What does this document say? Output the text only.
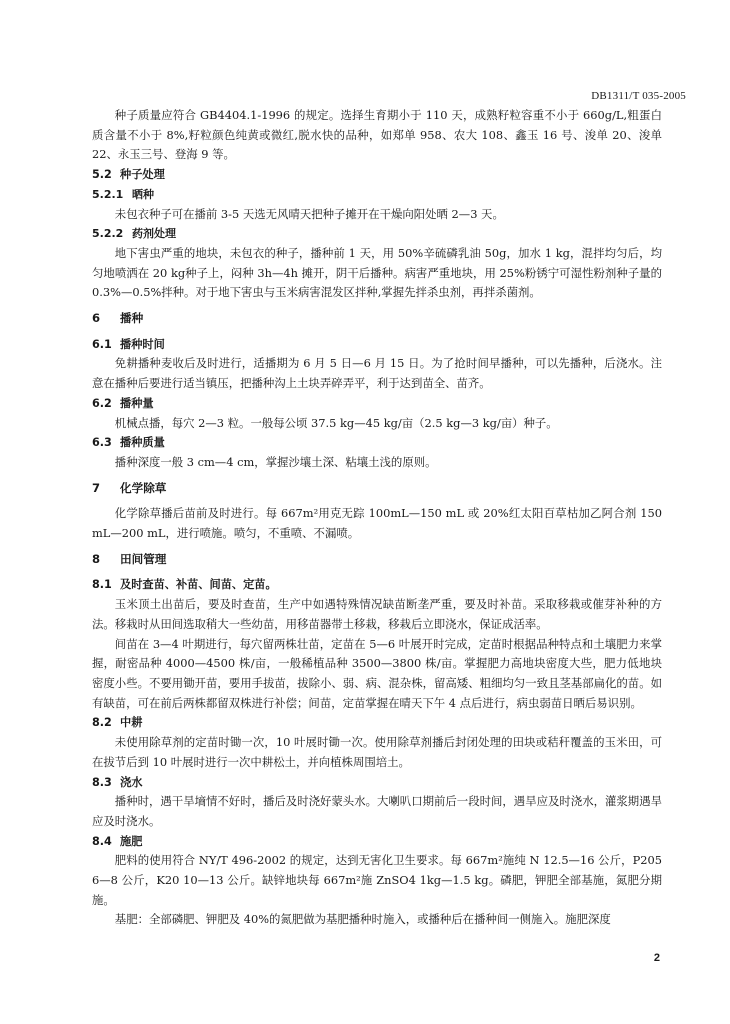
DB1311/T 035-2005

种子质量应符合 GB4404.1-1996 的规定。选择生育期小于 110 天，成熟籽粒容重不小于 660g/L,粗蛋白质含量不小于 8%,籽粒颜色纯黄或微红,脱水快的品种，如郑单 958、农大 108、鑫玉 16 号、浚单 20、浚单 22、永玉三号、登海 9 等。

5.2 种子处理
5.2.1 晒种

未包衣种子可在播前 3-5 天选无风晴天把种子摊开在干燥向阳处晒 2—3 天。

5.2.2 药剂处理

地下害虫严重的地块，未包衣的种子，播种前 1 天，用 50%辛硫磷乳油 50g，加水 1 kg，混拌均匀后，均匀地喷洒在 20 kg种子上，闷种 3h—4h 摊开，阴干后播种。病害严重地块，用 25%粉锈宁可湿性粉剂种子量的 0.3%—0.5%拌种。对于地下害虫与玉米病害混发区拌种,掌握先拌杀虫剂，再拌杀菌剂。

6 播种
6.1 播种时间

免耕播种麦收后及时进行，适播期为 6 月 5 日—6 月 15 日。为了抢时间早播种，可以先播种，后浇水。注意在播种后要进行适当镇压，把播种沟上土块弄碎弄平，利于达到苗全、苗齐。

6.2 播种量

机械点播，每穴 2—3 粒。一般每公顷 37.5 kg—45 kg/亩（2.5 kg—3 kg/亩）种子。

6.3 播种质量

播种深度一般 3 cm—4 cm，掌握沙壤土深、粘壤土浅的原则。

7 化学除草

化学除草播后苗前及时进行。每 667m²用克无踪 100mL—150 mL 或 20%红太阳百草枯加乙阿合剂 150 mL—200 mL，进行喷施。喷匀，不重喷、不漏喷。

8 田间管理
8.1 及时查苗、补苗、间苗、定苗。

玉米顶土出苗后，要及时查苗，生产中如遇特殊情况缺苗断垄严重，要及时补苗。采取移栽或催芽补种的方法。移栽时从田间选取稍大一些幼苗，用移苗器带土移栽，移栽后立即浇水，保证成活率。

间苗在 3—4 叶期进行，每穴留两株壮苗，定苗在 5—6 叶展开时完成，定苗时根据品种特点和土壤肥力来掌握，耐密品种 4000—4500 株/亩，一般稀植品种 3500—3800 株/亩。掌握肥力高地块密度大些，肥力低地块密度小些。不要用锄开苗，要用手拔苗，拔除小、弱、病、混杂株，留高矮、粗细均匀一致且茎基部扁化的苗。如有缺苗，可在前后两株都留双株进行补偿；间苗，定苗掌握在晴天下午 4 点后进行，病虫弱苗日晒后易识别。

8.2 中耕

未使用除草剂的定苗时锄一次，10 叶展时锄一次。使用除草剂播后封闭处理的田块或秸秆覆盖的玉米田，可在拔节后到 10 叶展时进行一次中耕松土，并向植株周围培土。

8.3 浇水

播种时，遇干旱墒情不好时，播后及时浇好蒙头水。大喇叭口期前后一段时间，遇旱应及时浇水，灌浆期遇旱应及时浇水。

8.4 施肥

肥料的使用符合 NY/T 496-2002 的规定，达到无害化卫生要求。每 667m²施纯 N 12.5—16 公斤，P205 6—8 公斤，K20 10—13 公斤。缺锌地块每 667m²施 ZnSO4 1kg—1.5 kg。磷肥，钾肥全部基施，氮肥分期施。

基肥：全部磷肥、钾肥及 40%的氮肥做为基肥播种时施入，或播种后在播种间一侧施入。施肥深度

2
